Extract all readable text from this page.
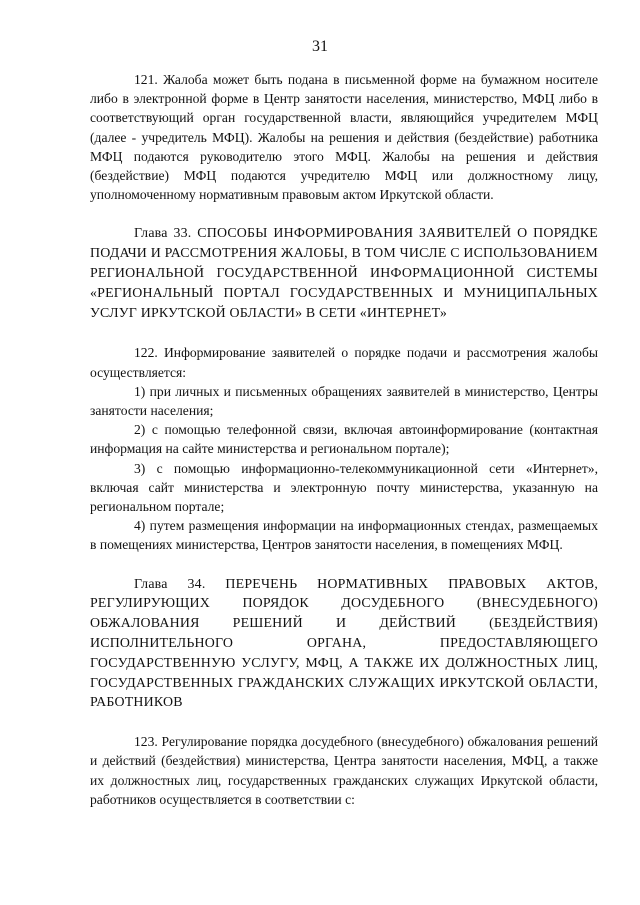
31

121. Жалоба может быть подана в письменной форме на бумажном носителе либо в электронной форме в Центр занятости населения, министерство, МФЦ либо в соответствующий орган государственной власти, являющийся учредителем МФЦ (далее - учредитель МФЦ). Жалобы на решения и действия (бездействие) работника МФЦ подаются руководителю этого МФЦ. Жалобы на решения и действия (бездействие) МФЦ подаются учредителю МФЦ или должностному лицу, уполномоченному нормативным правовым актом Иркутской области.

Глава 33. СПОСОБЫ ИНФОРМИРОВАНИЯ ЗАЯВИТЕЛЕЙ О ПОРЯДКЕ ПОДАЧИ И РАССМОТРЕНИЯ ЖАЛОБЫ, В ТОМ ЧИСЛЕ С ИСПОЛЬЗОВАНИЕМ РЕГИОНАЛЬНОЙ ГОСУДАРСТВЕННОЙ ИНФОРМАЦИОННОЙ СИСТЕМЫ «РЕГИОНАЛЬНЫЙ ПОРТАЛ ГОСУДАРСТВЕННЫХ И МУНИЦИПАЛЬНЫХ УСЛУГ ИРКУТСКОЙ ОБЛАСТИ» В СЕТИ «ИНТЕРНЕТ»

122. Информирование заявителей о порядке подачи и рассмотрения жалобы осуществляется:

1) при личных и письменных обращениях заявителей в министерство, Центры занятости населения;

2) с помощью телефонной связи, включая автоинформирование (контактная информация на сайте министерства и региональном портале);

3) с помощью информационно-телекоммуникационной сети «Интернет», включая сайт министерства и электронную почту министерства, указанную на региональном портале;

4) путем размещения информации на информационных стендах, размещаемых в помещениях министерства, Центров занятости населения, в помещениях МФЦ.

Глава 34. ПЕРЕЧЕНЬ НОРМАТИВНЫХ ПРАВОВЫХ АКТОВ, РЕГУЛИРУЮЩИХ ПОРЯДОК ДОСУДЕБНОГО (ВНЕСУДЕБНОГО) ОБЖАЛОВАНИЯ РЕШЕНИЙ И ДЕЙСТВИЙ (БЕЗДЕЙСТВИЯ) ИСПОЛНИТЕЛЬНОГО ОРГАНА, ПРЕДОСТАВЛЯЮЩЕГО ГОСУДАРСТВЕННУЮ УСЛУГУ, МФЦ, А ТАКЖЕ ИХ ДОЛЖНОСТНЫХ ЛИЦ, ГОСУДАРСТВЕННЫХ ГРАЖДАНСКИХ СЛУЖАЩИХ ИРКУТСКОЙ ОБЛАСТИ, РАБОТНИКОВ

123. Регулирование порядка досудебного (внесудебного) обжалования решений и действий (бездействия) министерства, Центра занятости населения, МФЦ, а также их должностных лиц, государственных гражданских служащих Иркутской области, работников осуществляется в соответствии с:
